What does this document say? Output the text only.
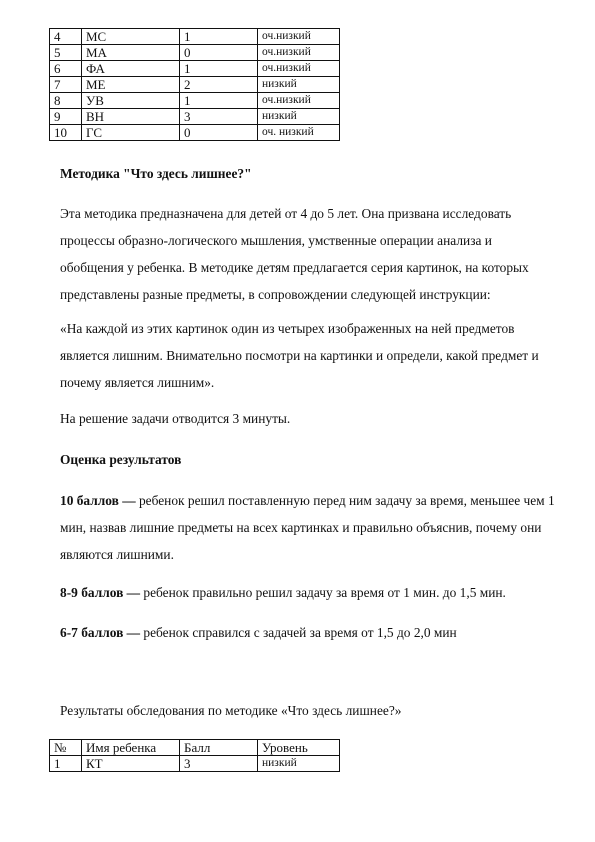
4	МС	1	оч.низкий
5	МА	0	оч.низкий
6	ФА	1	оч.низкий
7	МЕ	2	низкий
8	УВ	1	оч.низкий
9	ВН	3	низкий
10	ГС	0	оч. низкий
Методика "Что здесь лишнее?"
Эта методика предназначена для детей от 4 до 5 лет. Она призвана исследовать
процессы образно-логического мышления, умственные операции анализа и
обобщения у ребенка. В методике детям предлагается серия картинок, на которых
представлены разные предметы, в сопровождении следующей инструкции:
«На каждой из этих картинок один из четырех изображенных на ней предметов
является лишним. Внимательно посмотри на картинки и определи, какой предмет и
почему является лишним».
На решение задачи отводится 3 минуты.
Оценка результатов
10 баллов — ребенок решил поставленную перед ним задачу за время, меньшее чем 1
мин, назвав лишние предметы на всех картинках и правильно объяснив, почему они
являются лишними.
8-9 баллов — ребенок правильно решил задачу за время от 1 мин. до 1,5 мин.
6-7 баллов — ребенок справился с задачей за время от 1,5 до 2,0 мин
Результаты обследования по методике «Что здесь лишнее?»
№	Имя ребенка	Балл	Уровень
1	КТ	3	низкий
